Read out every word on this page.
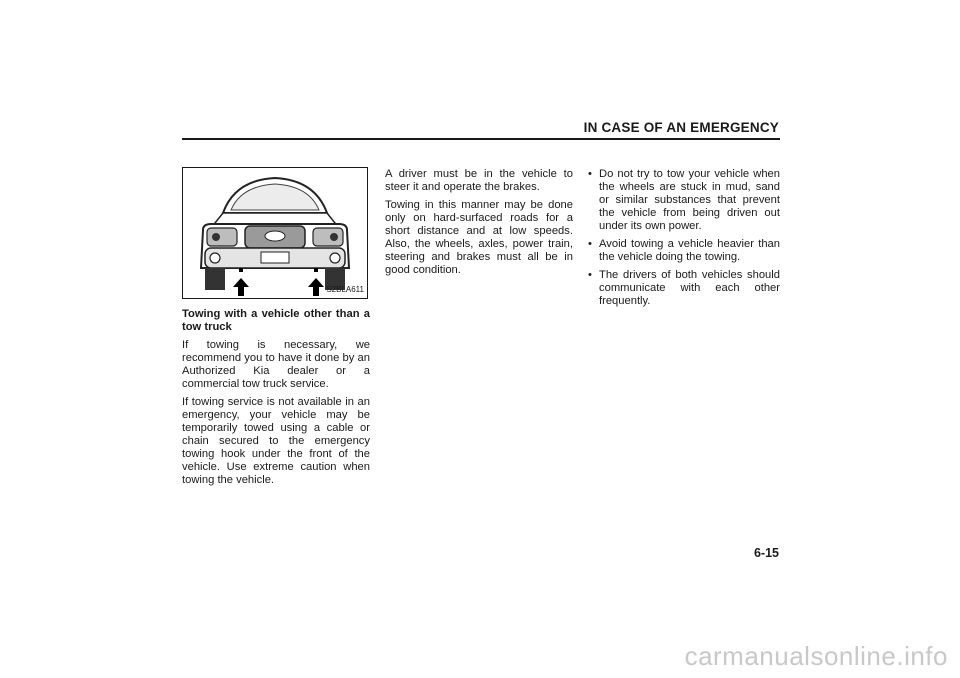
IN CASE OF AN EMERGENCY
S2BLA611

Towing with a vehicle other than a tow truck

If towing is necessary, we recommend you to have it done by an Authorized Kia dealer or a commercial tow truck service.

If towing service is not available in an emergency, your vehicle may be temporarily towed using a cable or chain secured to the emergency towing hook under the front of the vehicle. Use extreme caution when towing the vehicle.

A driver must be in the vehicle to steer it and operate the brakes.

Towing in this manner may be done only on hard-surfaced roads for a short distance and at low speeds. Also, the wheels, axles, power train, steering and brakes must all be in good condition.

• Do not try to tow your vehicle when the wheels are stuck in mud, sand or similar substances that prevent the vehicle from being driven out under its own power.
• Avoid towing a vehicle heavier than the vehicle doing the towing.
• The drivers of both vehicles should communicate with each other frequently.
6-15
carmanualsonline.info
